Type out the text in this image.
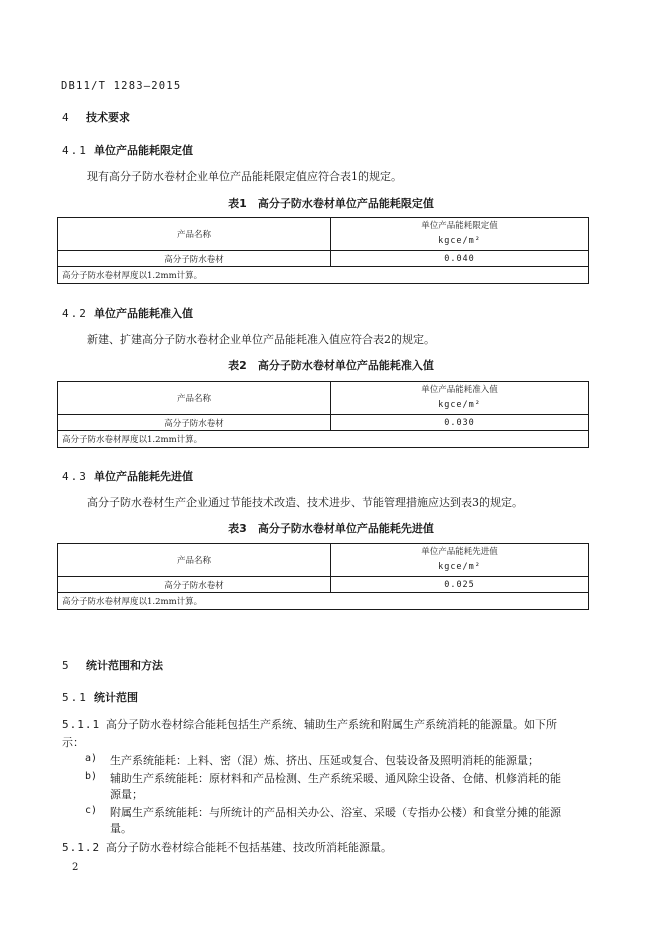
DB11/T 1283—2015
4 技术要求
4.1 单位产品能耗限定值
现有高分子防水卷材企业单位产品能耗限定值应符合表1的规定。
表1　高分子防水卷材单位产品能耗限定值
产品名称	单位产品能耗限定值
kgce/m²

高分子防水卷材	0.040
高分子防水卷材厚度以1.2mm计算。	
4.2 单位产品能耗准入值
新建、扩建高分子防水卷材企业单位产品能耗准入值应符合表2的规定。
表2　高分子防水卷材单位产品能耗准入值
产品名称	单位产品能耗准入值
kgce/m²

高分子防水卷材	0.030
高分子防水卷材厚度以1.2mm计算。	
4.3 单位产品能耗先进值
高分子防水卷材生产企业通过节能技术改造、技术进步、节能管理措施应达到表3的规定。
表3　高分子防水卷材单位产品能耗先进值
产品名称	单位产品能耗先进值
kgce/m²

高分子防水卷材	0.025
高分子防水卷材厚度以1.2mm计算。	
5 统计范围和方法
5.1 统计范围
5.1.1 高分子防水卷材综合能耗包括生产系统、辅助生产系统和附属生产系统消耗的能源量。如下所
示：
a) 生产系统能耗：上料、密（混）炼、挤出、压延或复合、包装设备及照明消耗的能源量；
b) 辅助生产系统能耗：原材料和产品检测、生产系统采暖、通风除尘设备、仓储、机修消耗的能
源量；
c) 附属生产系统能耗：与所统计的产品相关办公、浴室、采暖（专指办公楼）和食堂分摊的能源
量。
5.1.2 高分子防水卷材综合能耗不包括基建、技改所消耗能源量。
2
